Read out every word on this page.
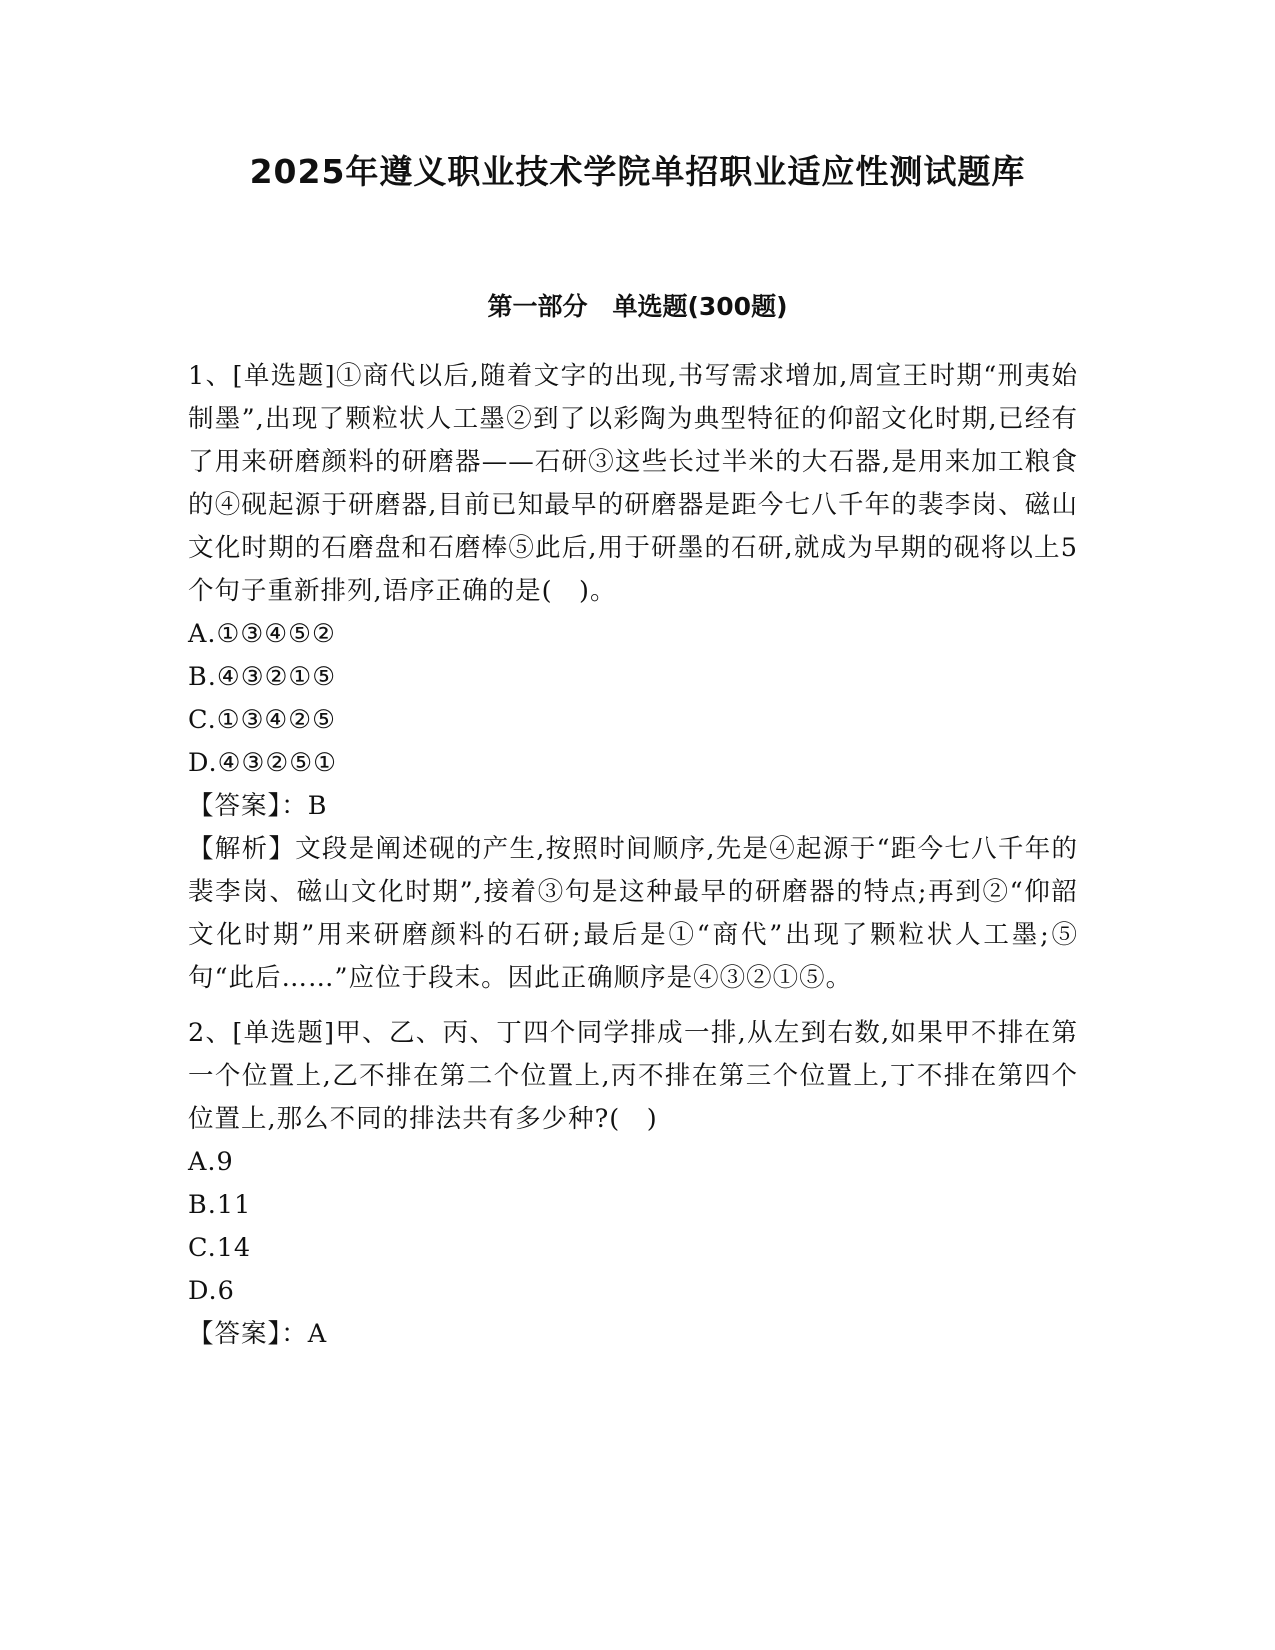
2025年遵义职业技术学院单招职业适应性测试题库
第一部分　单选题(300题)

1、[单选题]①商代以后,随着文字的出现,书写需求增加,周宣王时期“刑夷始制墨”,出现了颗粒状人工墨②到了以彩陶为典型特征的仰韶文化时期,已经有了用来研磨颜料的研磨器——石研③这些长过半米的大石器,是用来加工粮食的④砚起源于研磨器,目前已知最早的研磨器是距今七八千年的裴李岗、磁山文化时期的石磨盘和石磨棒⑤此后,用于研墨的石研,就成为早期的砚将以上5个句子重新排列,语序正确的是(　)。

A.①③④⑤②

B.④③②①⑤

C.①③④②⑤

D.④③②⑤①

【答案】：B

【解析】文段是阐述砚的产生,按照时间顺序,先是④起源于“距今七八千年的裴李岗、磁山文化时期”,接着③句是这种最早的研磨器的特点;再到②“仰韶文化时期”用来研磨颜料的石研;最后是①“商代”出现了颗粒状人工墨;⑤句“此后……”应位于段末。因此正确顺序是④③②①⑤。

2、[单选题]甲、乙、丙、丁四个同学排成一排,从左到右数,如果甲不排在第一个位置上,乙不排在第二个位置上,丙不排在第三个位置上,丁不排在第四个位置上,那么不同的排法共有多少种?(　)

A.9

B.11

C.14

D.6

【答案】：A
